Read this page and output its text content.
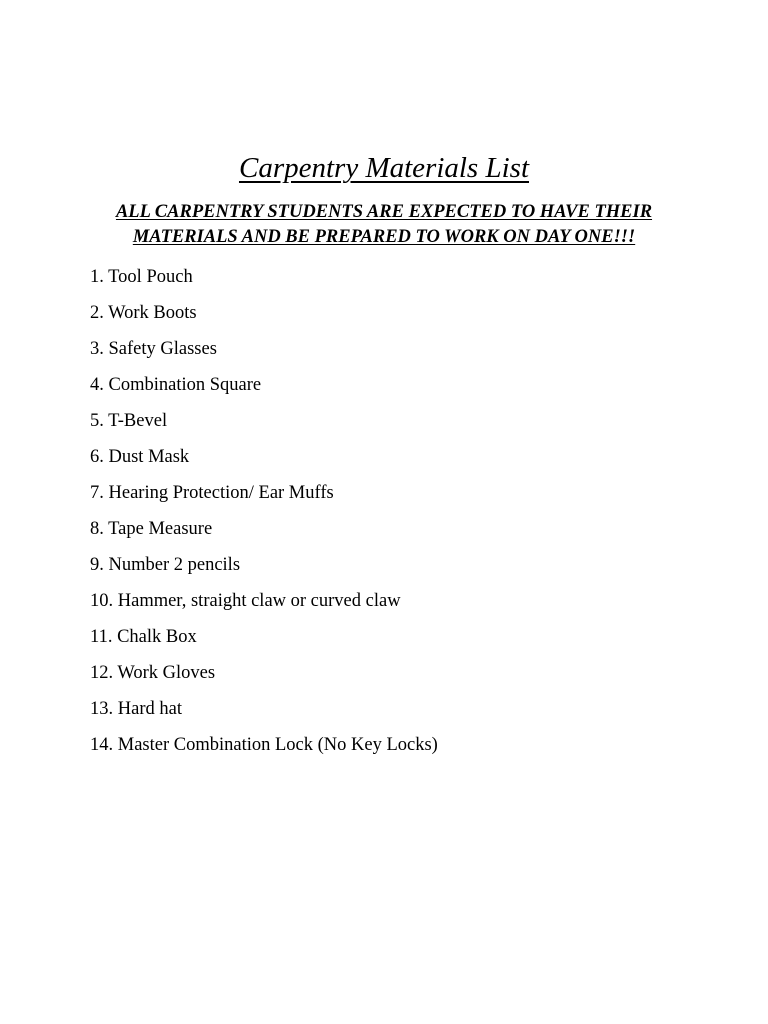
Carpentry Materials List

ALL CARPENTRY STUDENTS ARE EXPECTED TO HAVE THEIR MATERIALS AND BE PREPARED TO WORK ON DAY ONE!!!

1. Tool Pouch
2. Work Boots
3. Safety Glasses
4. Combination Square
5. T-Bevel
6. Dust Mask
7. Hearing Protection/ Ear Muffs
8. Tape Measure
9. Number 2 pencils
10. Hammer, straight claw or curved claw
11. Chalk Box
12. Work Gloves
13. Hard hat
14. Master Combination Lock (No Key Locks)
